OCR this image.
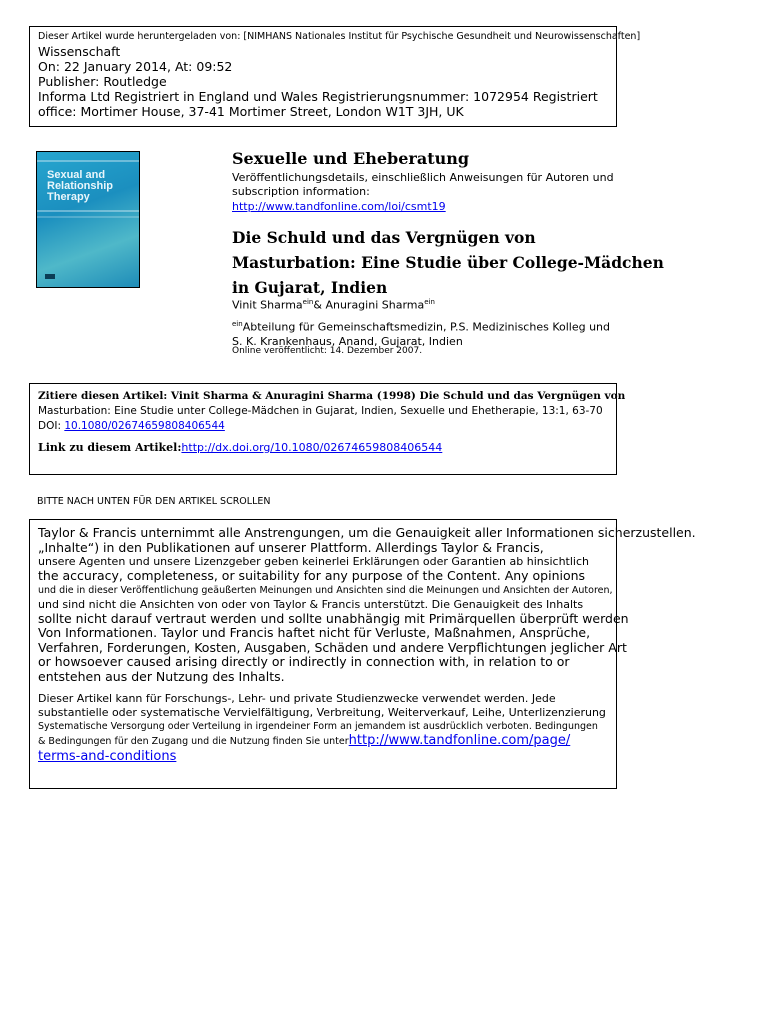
Dieser Artikel wurde heruntergeladen von: [NIMHANS Nationales Institut für Psychische Gesundheit und Neurowissenschaften]
Wissenschaft
On: 22 January 2014, At: 09:52
Publisher: Routledge
Informa Ltd Registriert in England und Wales Registrierungsnummer: 1072954 Registriert
office: Mortimer House, 37-41 Mortimer Street, London W1T 3JH, UK
Sexual and Relationship Therapy
Sexuelle und Eheberatung
Veröffentlichungsdetails, einschließlich Anweisungen für Autoren und
subscription information:
http://www.tandfonline.com/loi/csmt19
Die Schuld und das Vergnügen von
Masturbation: Eine Studie über College-Mädchen
in Gujarat, Indien
Vinit Sharma$^{ein}$& Anuragini Sharma$^{ein}$
$^{ein}$Abteilung für Gemeinschaftsmedizin, P.S. Medizinisches Kolleg und
S. K. Krankenhaus, Anand, Gujarat, Indien
Online veröffentlicht: 14. Dezember 2007.
Zitiere diesen Artikel: Vinit Sharma & Anuragini Sharma (1998) Die Schuld und das Vergnügen von
Masturbation: Eine Studie unter College-Mädchen in Gujarat, Indien, Sexuelle und Ehetherapie, 13:1, 63-70
DOI: 10.1080/02674659808406544
Link zu diesem Artikel:http://dx.doi.org/10.1080/02674659808406544
BITTE NACH UNTEN FÜR DEN ARTIKEL SCROLLEN
Taylor & Francis unternimmt alle Anstrengungen, um die Genauigkeit aller Informationen sicherzustellen.
„Inhalte“) in den Publikationen auf unserer Plattform. Allerdings Taylor & Francis,
unsere Agenten und unsere Lizenzgeber geben keinerlei Erklärungen oder Garantien ab hinsichtlich
the accuracy, completeness, or suitability for any purpose of the Content. Any opinions
und die in dieser Veröffentlichung geäußerten Meinungen und Ansichten sind die Meinungen und Ansichten der Autoren,
und sind nicht die Ansichten von oder von Taylor & Francis unterstützt. Die Genauigkeit des Inhalts
sollte nicht darauf vertraut werden und sollte unabhängig mit Primärquellen überprüft werden
Von Informationen. Taylor und Francis haftet nicht für Verluste, Maßnahmen, Ansprüche,
Verfahren, Forderungen, Kosten, Ausgaben, Schäden und andere Verpflichtungen jeglicher Art
or howsoever caused arising directly or indirectly in connection with, in relation to or
entstehen aus der Nutzung des Inhalts.
Dieser Artikel kann für Forschungs-, Lehr- und private Studienzwecke verwendet werden. Jede
substantielle oder systematische Vervielfältigung, Verbreitung, Weiterverkauf, Leihe, Unterlizenzierung
Systematische Versorgung oder Verteilung in irgendeiner Form an jemandem ist ausdrücklich verboten. Bedingungen
& Bedingungen für den Zugang und die Nutzung finden Sie unterhttp://www.tandfonline.com/page/
terms-and-conditions
